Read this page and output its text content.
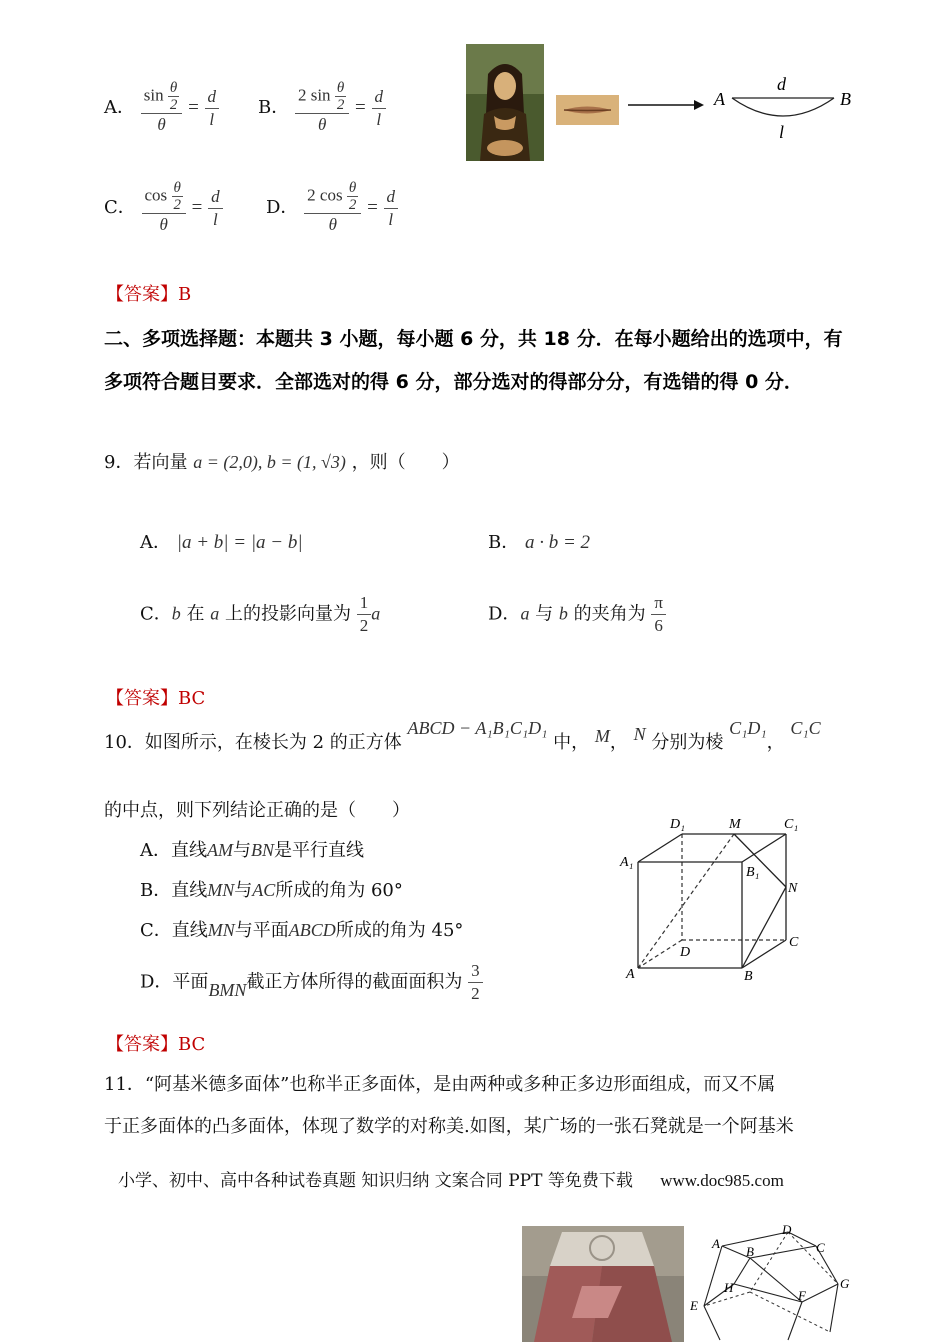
A． $\frac{\sin \frac{\theta}{2}}{\theta} = \frac{d}{l}$ B． $\frac{2 \sin \frac{\theta}{2}}{\theta} = \frac{d}{l}$
C． $\frac{\cos \frac{\theta}{2}}{\theta} = \frac{d}{l}$ D． $\frac{2 \cos \frac{\theta}{2}}{\theta} = \frac{d}{l}$
A	B
d
l
【答案】B
二、多项选择题：本题共 3 小题，每小题 6 分，共 18 分．在每小题给出的选项中，有多项符合题目要求．全部选对的得 6 分，部分选对的得部分分，有选错的得 0 分．
9．若向量 a = (2,0), b = (1, √3) ，则（　　）
A． |a + b| = |a − b|	B． a · b = 2
C．b 在 a 上的投影向量为 $\frac{1}{2}$ a	D．a 与 b 的夹角为 $\frac{\pi}{6}$
【答案】BC
10．如图所示，在棱长为 2 的正方体 ABCD − A₁B₁C₁D₁ 中， M， N 分别为棱 C₁D₁， C₁C
的中点，则下列结论正确的是（　　）
A．直线AM与BN是平行直线
B．直线MN与AC所成的角为 60°
C．直线MN与平面ABCD所成的角为 45°
D．平面BMN截正方体所得的截面面积为 $\frac{3}{2}$
D₁	M	C₁
A₁
B₁
N
D
C
A	B
【答案】BC
11．“阿基米德多面体”也称半正多面体，是由两种或多种正多边形面组成，而又不属
于正多面体的凸多面体，体现了数学的对称美.如图，某广场的一张石凳就是一个阿基米
小学、初中、高中各种试卷真题 知识归纳 文案合同 PPT 等免费下载 www.doc985.com
A
B	C
D
E
F
G
H
